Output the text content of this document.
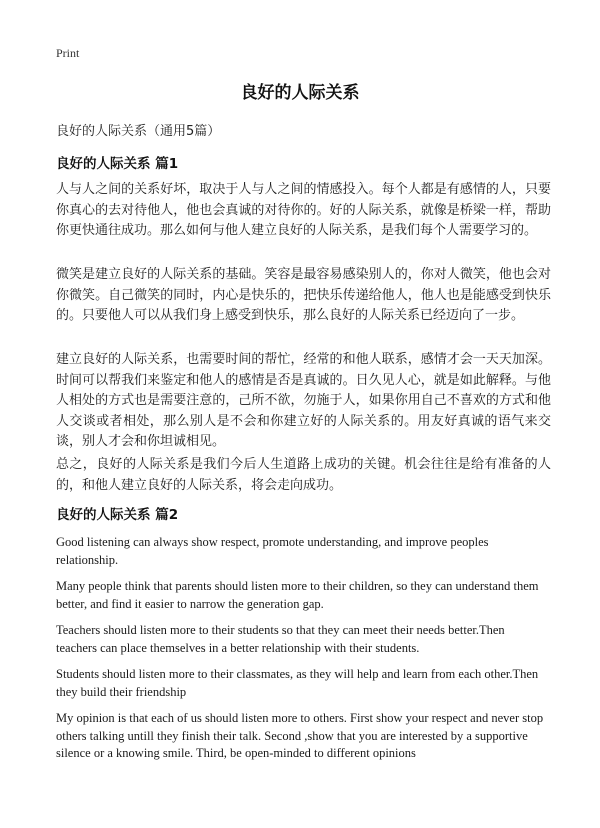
Print
良好的人际关系
良好的人际关系（通用5篇）
良好的人际关系 篇1

人与人之间的关系好坏，取决于人与人之间的情感投入。每个人都是有感情的人，只要你真心的去对待他人，他也会真诚的对待你的。好的人际关系，就像是桥梁一样，帮助你更快通往成功。那么如何与他人建立良好的人际关系，是我们每个人需要学习的。

微笑是建立良好的人际关系的基础。笑容是最容易感染别人的，你对人微笑，他也会对你微笑。自己微笑的同时，内心是快乐的，把快乐传递给他人，他人也是能感受到快乐的。只要他人可以从我们身上感受到快乐，那么良好的人际关系已经迈向了一步。

建立良好的人际关系，也需要时间的帮忙，经常的和他人联系，感情才会一天天加深。时间可以帮我们来鉴定和他人的感情是否是真诚的。日久见人心，就是如此解释。与他人相处的方式也是需要注意的，己所不欲，勿施于人，如果你用自己不喜欢的方式和他人交谈或者相处，那么别人是不会和你建立好的人际关系的。用友好真诚的语气来交谈，别人才会和你坦诚相见。

总之，良好的人际关系是我们今后人生道路上成功的关键。机会往往是给有准备的人的，和他人建立良好的人际关系，将会走向成功。

良好的人际关系 篇2

Good listening can always show respect, promote understanding, and improve peoples relationship.

Many people think that parents should listen more to their children, so they can understand them better, and find it easier to narrow the generation gap.

Teachers should listen more to their students so that they can meet their needs better.Then teachers can place themselves in a better relationship with their students.

Students should listen more to their classmates, as they will help and learn from each other.Then they build their friendship

My opinion is that each of us should listen more to others. First show your respect and never stop others talking untill they finish their talk. Second ,show that you are interested by a supportive silence or a knowing smile. Third, be open-minded to different opinions
